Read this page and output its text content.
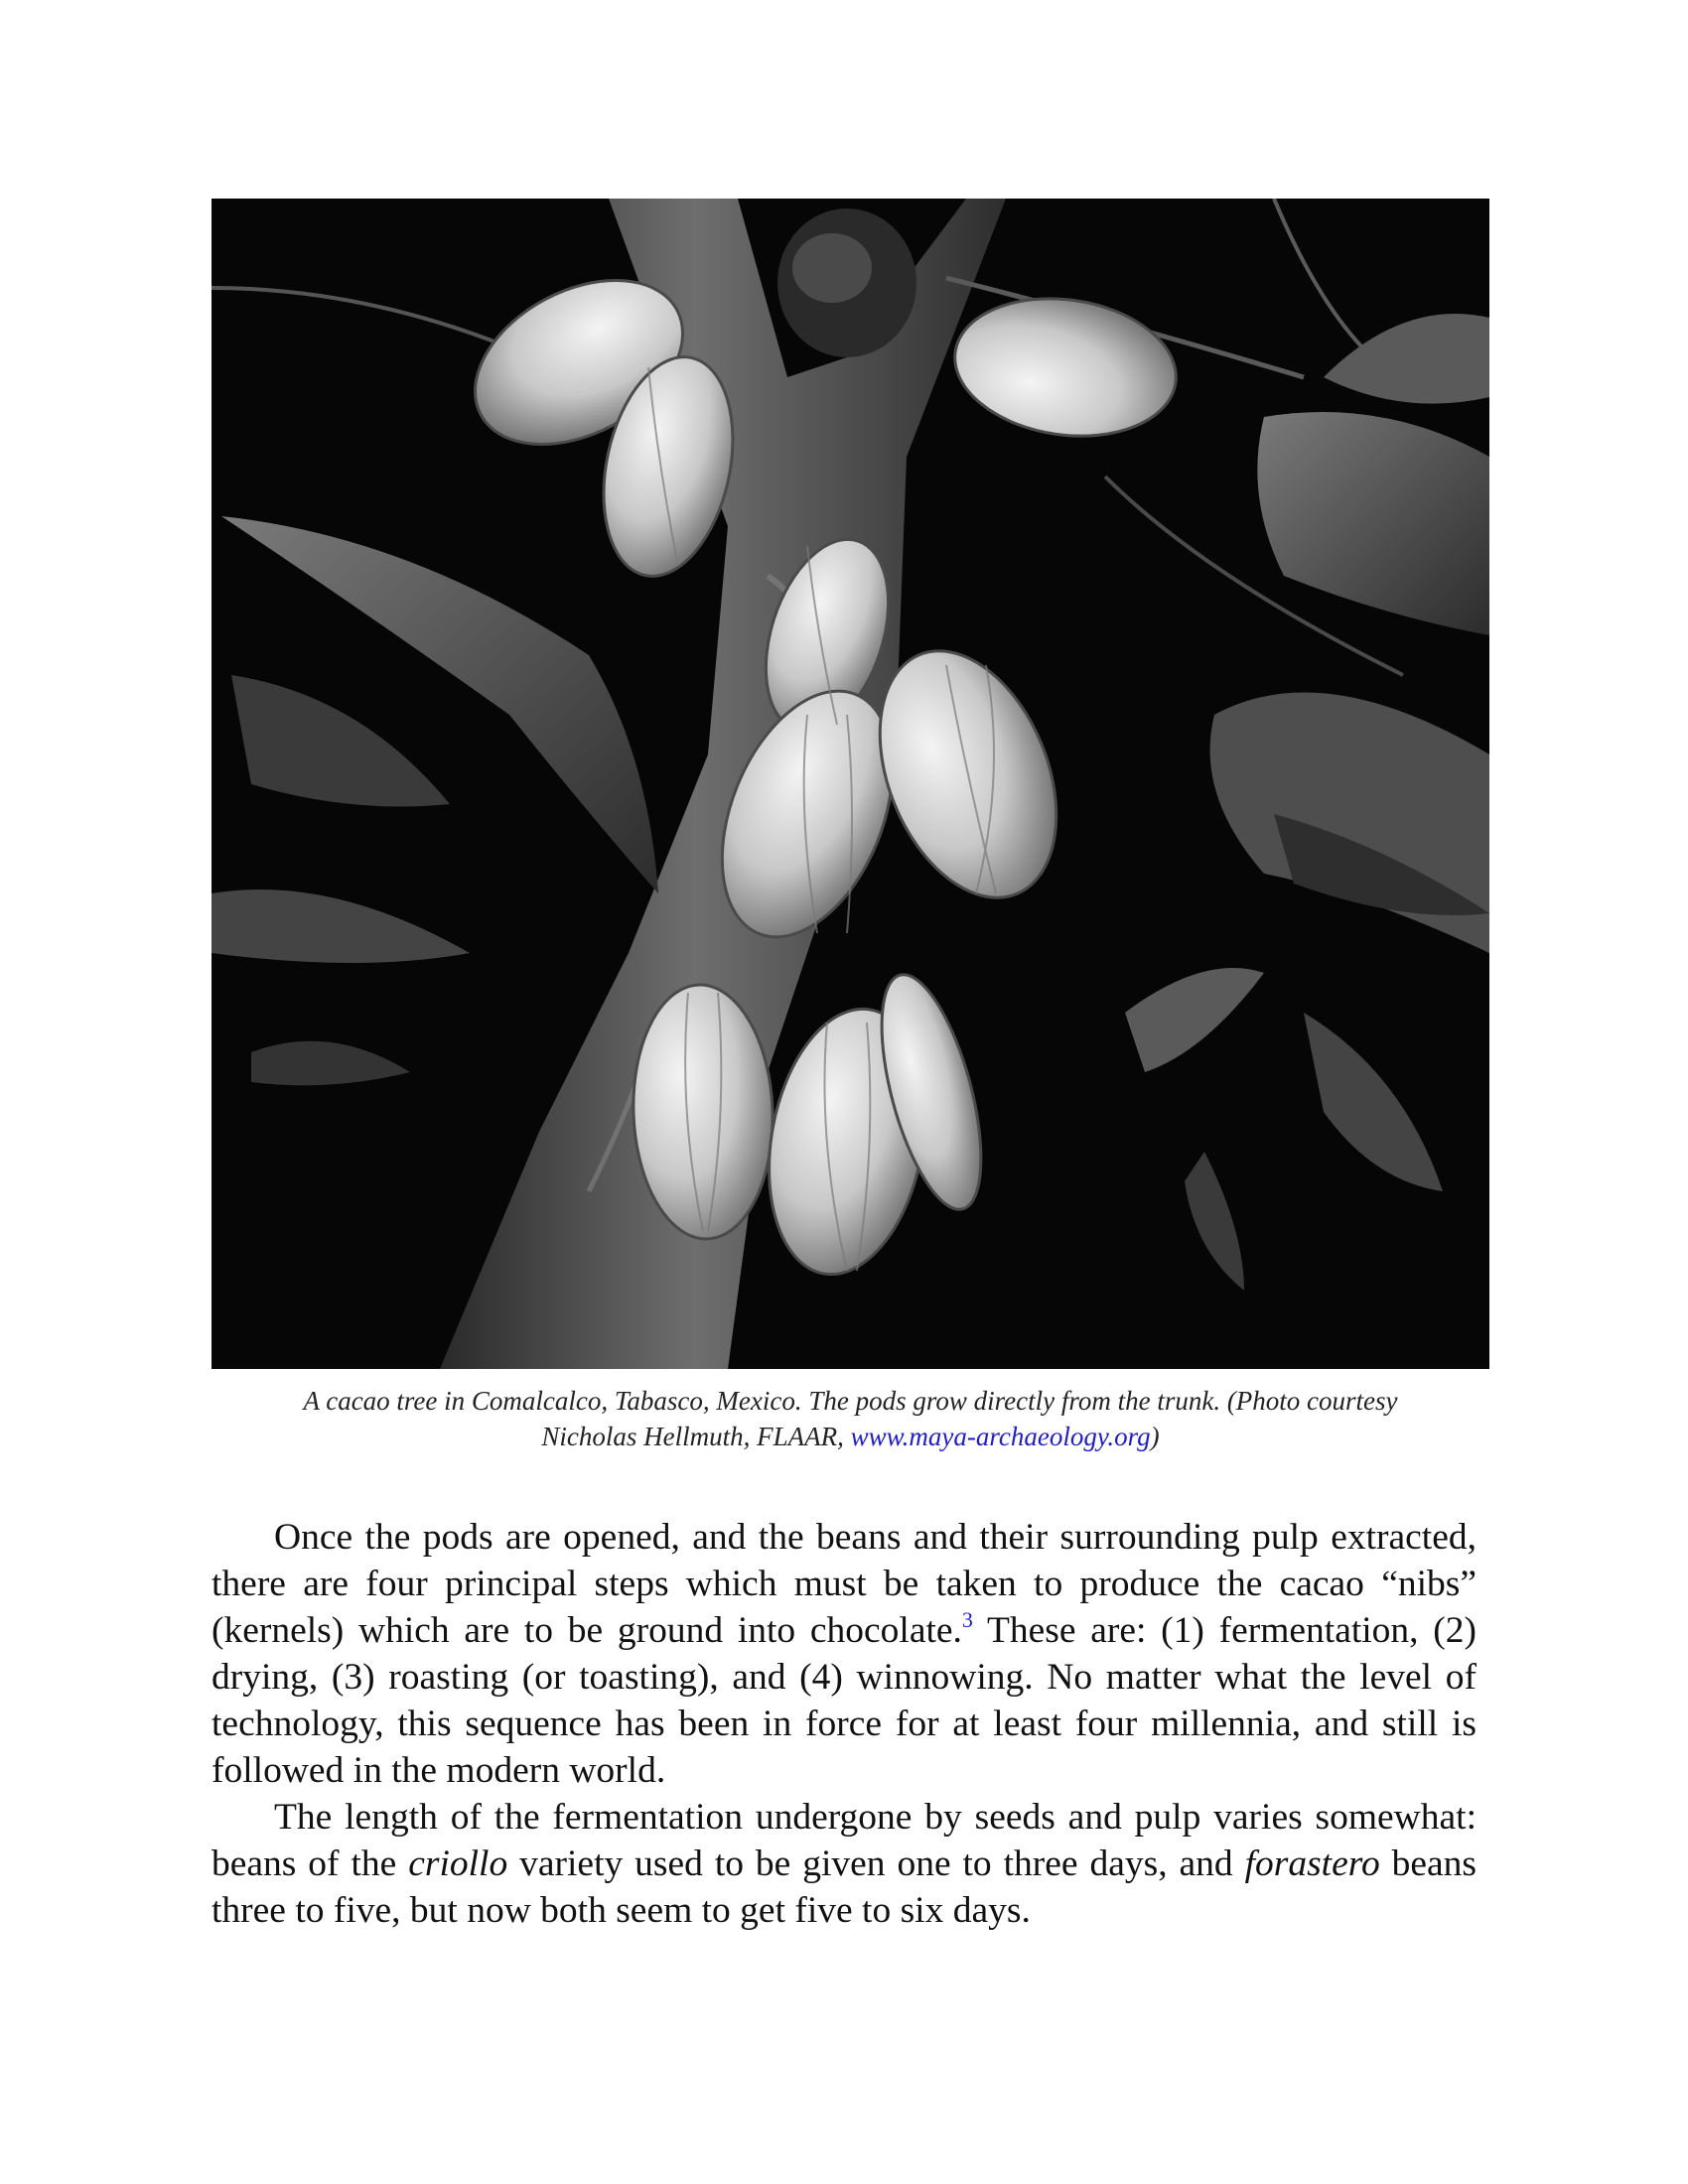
A cacao tree in Comalcalco, Tabasco, Mexico. The pods grow directly from the trunk. (Photo courtesy
Nicholas Hellmuth, FLAAR, www.maya-archaeology.org)

Once the pods are opened, and the beans and their surrounding pulp extracted, there are four principal steps which must be taken to produce the cacao “nibs” (kernels) which are to be ground into chocolate.$^3$ These are: (1) fermentation, (2) drying, (3) roasting (or toasting), and (4) winnowing. No matter what the level of technology, this sequence has been in force for at least four millennia, and still is followed in the modern world.

The length of the fermentation undergone by seeds and pulp varies somewhat: beans of the criollo variety used to be given one to three days, and forastero beans three to five, but now both seem to get five to six days.
